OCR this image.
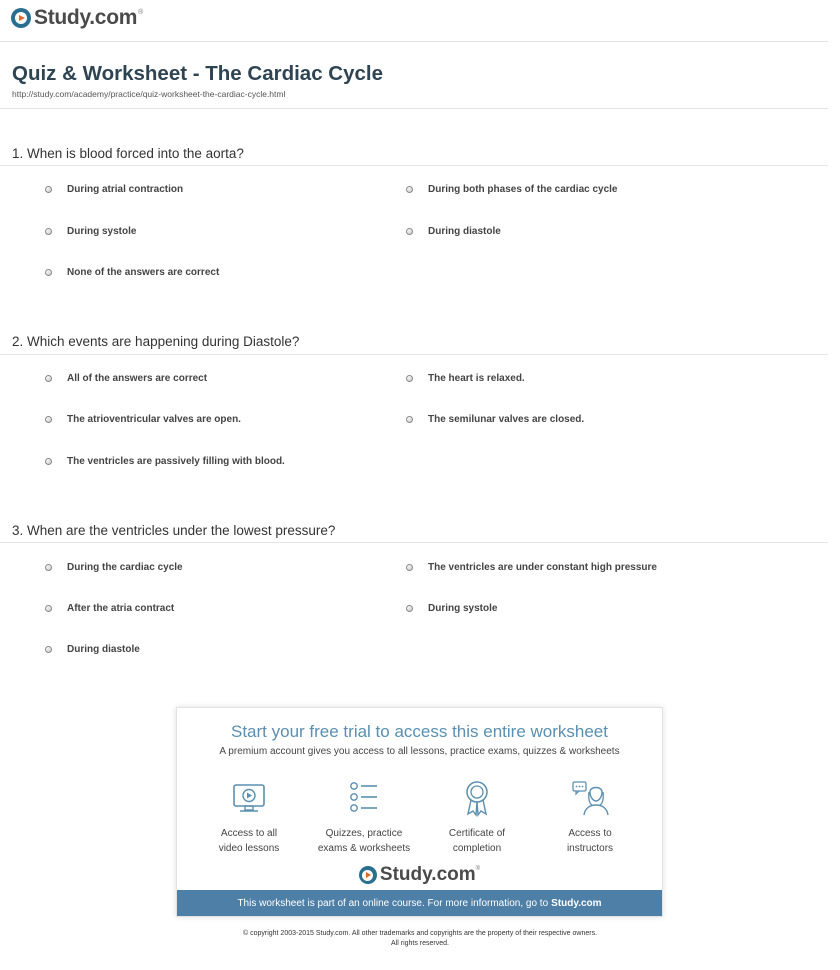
Study.com ®
Quiz & Worksheet - The Cardiac Cycle
http://study.com/academy/practice/quiz-worksheet-the-cardiac-cycle.html
1. When is blood forced into the aorta?
During atrial contraction	During both phases of the cardiac cycle
During systole	During diastole
None of the answers are correct
2. Which events are happening during Diastole?
All of the answers are correct	The heart is relaxed.
The atrioventricular valves are open.	The semilunar valves are closed.
The ventricles are passively filling with blood.
3. When are the ventricles under the lowest pressure?
During the cardiac cycle	The ventricles are under constant high pressure
After the atria contract	During systole
During diastole
Start your free trial to access this entire worksheet
A premium account gives you access to all lessons, practice exams, quizzes & worksheets
Access to all
video lessons
Quizzes, practice
exams & worksheets
Certificate of
completion
Access to
instructors
Study.com ®
This worksheet is part of an online course. For more information, go to Study.com
© copyright 2003-2015 Study.com. All other trademarks and copyrights are the property of their respective owners.
All rights reserved.
